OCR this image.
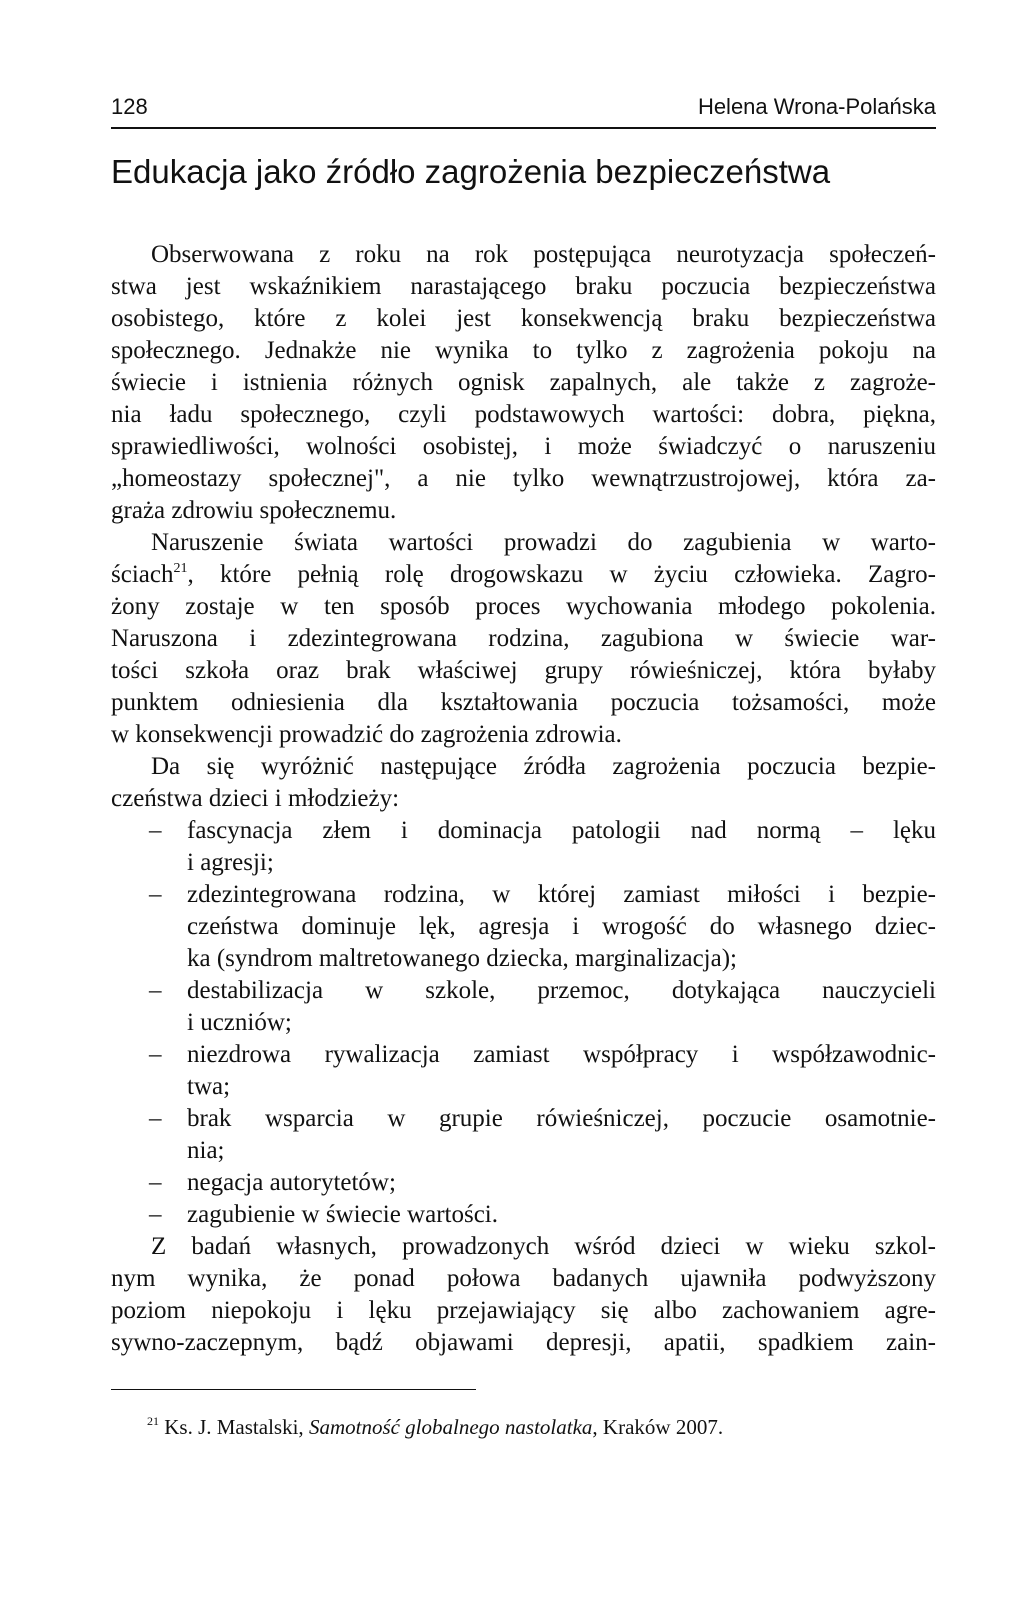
128	Helena Wrona-Polańska
Edukacja jako źródło zagrożenia bezpieczeństwa
Obserwowana z roku na rok postępująca neurotyzacja społeczeń-
stwa jest wskaźnikiem narastającego braku poczucia bezpieczeństwa
osobistego, które z kolei jest konsekwencją braku bezpieczeństwa
społecznego. Jednakże nie wynika to tylko z zagrożenia pokoju na
świecie i istnienia różnych ognisk zapalnych, ale także z zagroże-
nia ładu społecznego, czyli podstawowych wartości: dobra, piękna,
sprawiedliwości, wolności osobistej, i może świadczyć o naruszeniu
„homeostazy społecznej", a nie tylko wewnątrzustrojowej, która za-
graża zdrowiu społecznemu.
Naruszenie świata wartości prowadzi do zagubienia w warto-
ściach$^{21}$, które pełnią rolę drogowskazu w życiu człowieka. Zagro-
żony zostaje w ten sposób proces wychowania młodego pokolenia.
Naruszona i zdezintegrowana rodzina, zagubiona w świecie war-
tości szkoła oraz brak właściwej grupy rówieśniczej, która byłaby
punktem odniesienia dla kształtowania poczucia tożsamości, może
w konsekwencji prowadzić do zagrożenia zdrowia.
Da się wyróżnić następujące źródła zagrożenia poczucia bezpie-
czeństwa dzieci i młodzieży:
– fascynacja złem i dominacja patologii nad normą – lęku
i agresji;
– zdezintegrowana rodzina, w której zamiast miłości i bezpie-
czeństwa dominuje lęk, agresja i wrogość do własnego dziec-
ka (syndrom maltretowanego dziecka, marginalizacja);
– destabilizacja w szkole, przemoc, dotykająca nauczycieli
i uczniów;
– niezdrowa rywalizacja zamiast współpracy i współzawodnic-
twa;
– brak wsparcia w grupie rówieśniczej, poczucie osamotnie-
nia;
– negacja autorytetów;
– zagubienie w świecie wartości.
Z badań własnych, prowadzonych wśród dzieci w wieku szkol-
nym wynika, że ponad połowa badanych ujawniła podwyższony
poziom niepokoju i lęku przejawiający się albo zachowaniem agre-
sywno-zaczepnym, bądź objawami depresji, apatii, spadkiem zain-
$^{21}$ Ks. J. Mastalski, Samotność globalnego nastolatka, Kraków 2007.
